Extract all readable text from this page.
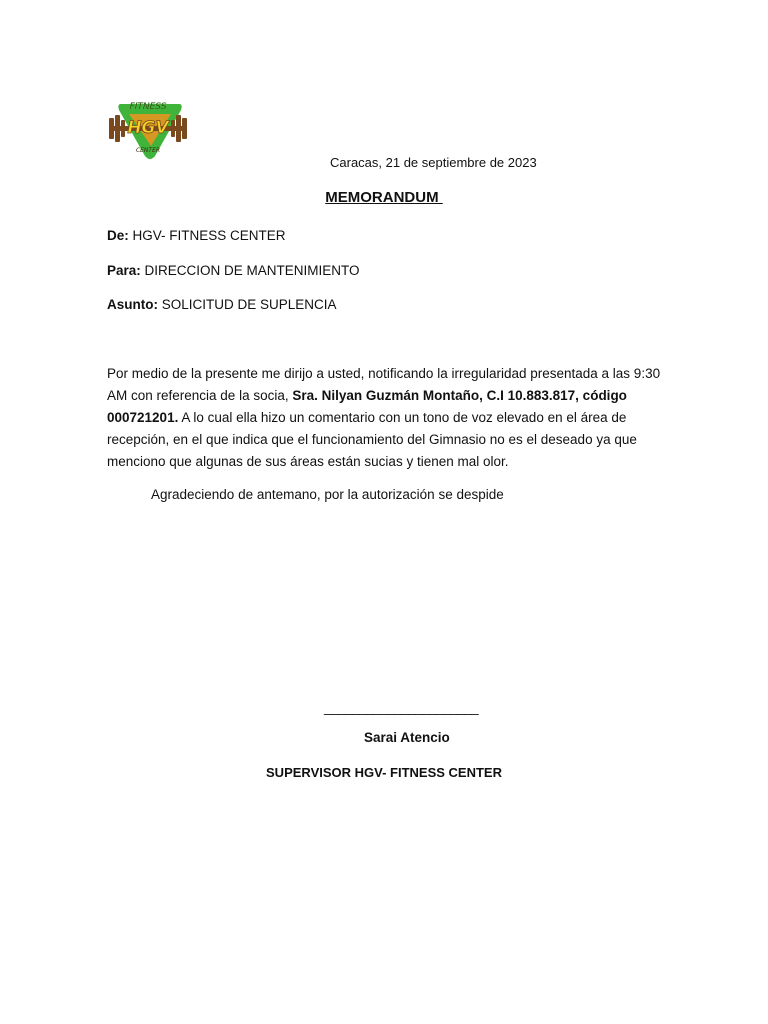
FITNESS
HGV
CENTER
Caracas, 21 de septiembre de 2023
MEMORANDUM
De: HGV- FITNESS CENTER
Para: DIRECCION DE MANTENIMIENTO
Asunto: SOLICITUD DE SUPLENCIA
Por medio de la presente me dirijo a usted, notificando la irregularidad presentada a las 9:30 AM con referencia de la socia, Sra. Nilyan Guzmán Montaño, C.I 10.883.817, código 000721201. A lo cual ella hizo un comentario con un tono de voz elevado en el área de recepción, en el que indica que el funcionamiento del Gimnasio no es el deseado ya que menciono que algunas de sus áreas están sucias y tienen mal olor.
Agradeciendo de antemano, por la autorización se despide
______________________
Sarai Atencio
SUPERVISOR HGV- FITNESS CENTER
